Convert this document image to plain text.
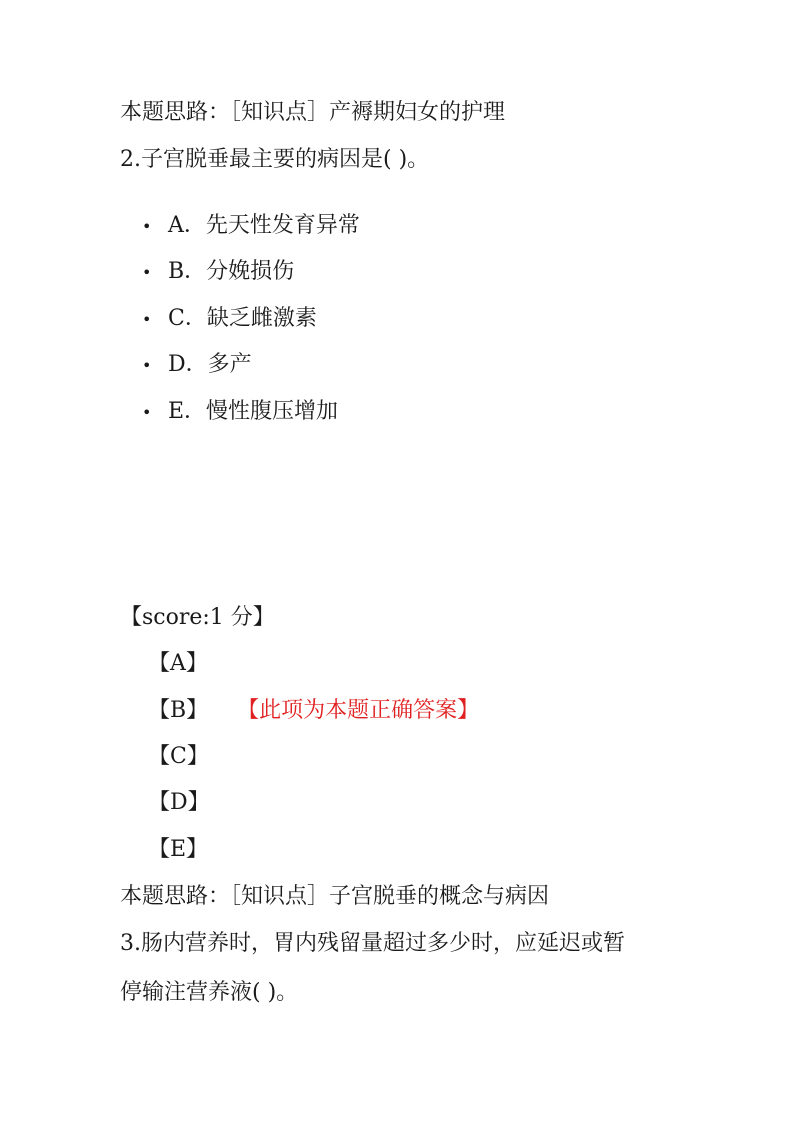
本题思路：［知识点］产褥期妇女的护理
2.子宫脱垂最主要的病因是( )。
• A．先天性发育异常
• B．分娩损伤
• C．缺乏雌激素
• D．多产
• E．慢性腹压增加
【score:1 分】
【A】
【B】 【此项为本题正确答案】
【C】
【D】
【E】
本题思路：［知识点］子宫脱垂的概念与病因
3.肠内营养时，胃内残留量超过多少时，应延迟或暂
停输注营养液( )。
